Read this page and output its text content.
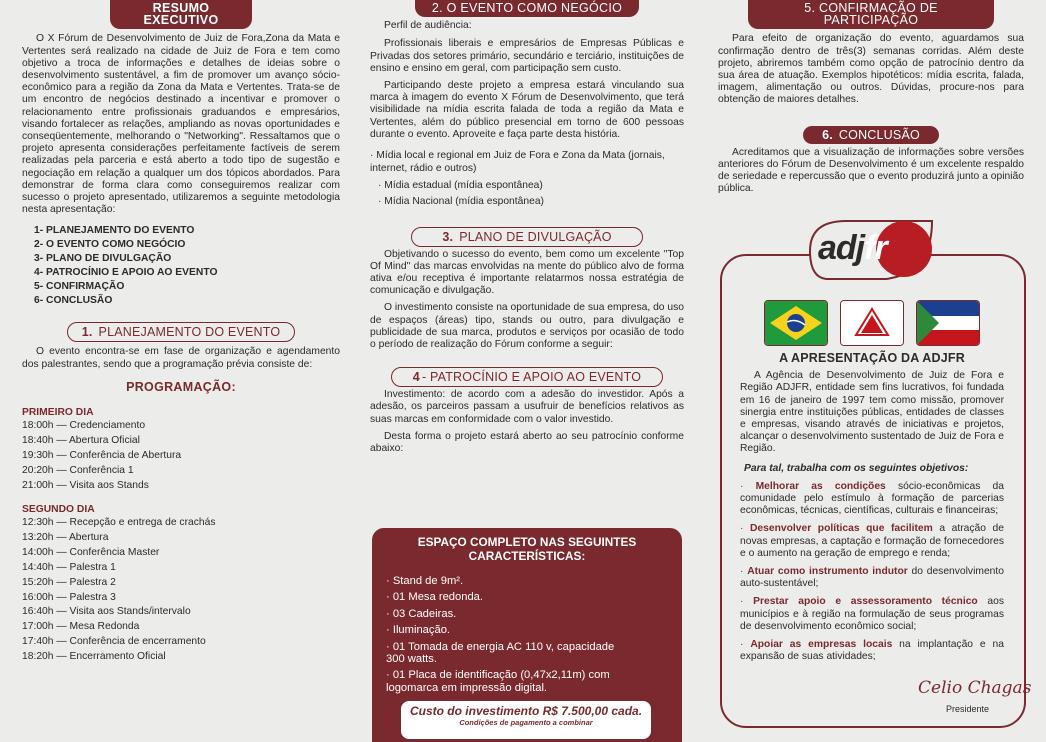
RESUMO EXECUTIVO

O X Fórum de Desenvolvimento de Juiz de Fora,Zona da Mata e Vertentes será realizado na cidade de Juiz de Fora e tem como objetivo a troca de informações e detalhes de ideias sobre o desenvolvimento sustentável, a fim de promover um avanço sócio-econômico para a região da Zona da Mata e Vertentes. Trata-se de um encontro de negócios destinado a incentivar e promover o relacionamento entre profissionais graduandos e empresários, visando fortalecer as relações, ampliando as novas oportunidades e conseqüentemente, melhorando o "Networking". Ressaltamos que o projeto apresenta considerações perfeitamente factíveis de serem realizadas pela parceria e está aberto a todo tipo de sugestão e negociação em relação a qualquer um dos tópicos abordados. Para demonstrar de forma clara como conseguiremos realizar com sucesso o projeto apresentado, utilizaremos a seguinte metodologia nesta apresentação:

1- PLANEJAMENTO DO EVENTO
2- O EVENTO COMO NEGÓCIO
3- PLANO DE DIVULGAÇÃO
4- PATROCÍNIO E APOIO AO EVENTO
5- CONFIRMAÇÃO
6- CONCLUSÃO
1. PLANEJAMENTO DO EVENTO

O evento encontra-se em fase de organização e agendamento dos palestrantes, sendo que a programação prévia consiste de:

PROGRAMAÇÃO:
PRIMEIRO DIA
18:00h — Credenciamento
18:40h — Abertura Oficial
19:30h — Conferência de Abertura
20:20h — Conferência 1
21:00h — Visita aos Stands
SEGUNDO DIA
12:30h — Recepção e entrega de crachás
13:20h — Abertura
14:00h — Conferência Master
14:40h — Palestra 1
15:20h — Palestra 2
16:00h — Palestra 3
16:40h — Visita aos Stands/intervalo
17:00h — Mesa Redonda
17:40h — Conferência de encerramento
18:20h — Encerramento Oficial
2. O EVENTO COMO NEGÓCIO

Perfil de audiência:

Profissionais liberais e empresários de Empresas Públicas e Privadas dos setores primário, secundário e terciário, instituições de ensino e ensino em geral, com participação sem custo.

Participando deste projeto a empresa estará vinculando sua marca à imagem do evento X Fórum de Desenvolvimento, que terá visibilidade na mídia escrita falada de toda a região da Mata e Vertentes, além do público presencial em torno de 600 pessoas durante o evento. Aproveite e faça parte desta história.

· Mídia local e regional em Juiz de Fora e Zona da Mata (jornais, internet, rádio e outros)
· Mídia estadual (mídia espontânea)
· Mídia Nacional (mídia espontânea)
3. PLANO DE DIVULGAÇÃO

Objetivando o sucesso do evento, bem como um excelente "Top Of Mind" das marcas envolvidas na mente do público alvo de forma ativa e/ou receptiva é importante relatarmos nossa estratégia de comunicação e divulgação.

O investimento consiste na oportunidade de sua empresa, do uso de espaços (áreas) tipo, stands ou outro, para divulgação e publicidade de sua marca, produtos e serviços por ocasião de todo o período de realização do Fórum conforme a seguir:

4 - PATROCÍNIO E APOIO AO EVENTO

Investimento: de acordo com a adesão do investidor. Após a adesão, os parceiros passam a usufruir de benefícios relativos as suas marcas em conformidade com o valor investido.

Desta forma o projeto estará aberto ao seu patrocínio conforme abaixo:

ESPAÇO COMPLETO NAS SEGUINTES CARACTERÍSTICAS:
· Stand de 9m².
· 01 Mesa redonda.
· 03 Cadeiras.
· Iluminação.
· 01 Tomada de energia AC 110 v, capacidade 300 watts.
· 01 Placa de identificação (0,47x2,11m) com logomarca em impressão digital.
Custo do investimento R$ 7.500,00 cada.
Condições de pagamento a combinar
5. CONFIRMAÇÃO DE PARTICIPAÇÃO

Para efeito de organização do evento, aguardamos sua confirmação dentro de três(3) semanas corridas. Além deste projeto, abriremos também como opção de patrocínio dentro da sua área de atuação. Exemplos hipotéticos: mídia escrita, falada, imagem, alimentação ou outros. Dúvidas, procure-nos para obtenção de maiores detalhes.

6. CONCLUSÃO

Acreditamos que a visualização de informações sobre versões anteriores do Fórum de Desenvolvimento é um excelente respaldo de seriedade e repercussão que o evento produzirá junto a opinião pública.

adjfr
A APRESENTAÇÃO DA ADJFR

A Agência de Desenvolvimento de Juiz de Fora e Região ADJFR, entidade sem fins lucrativos, foi fundada em 16 de janeiro de 1997 tem como missão, promover sinergia entre instituições públicas, entidades de classes e empresas, visando através de iniciativas e projetos, alcançar o desenvolvimento sustentado de Juiz de Fora e Região.

Para tal, trabalha com os seguintes objetivos:

· Melhorar as condições sócio-econômicas da comunidade pelo estímulo à formação de parcerias econômicas, técnicas, científicas, culturais e financeiras;
· Desenvolver políticas que facilitem a atração de novas empresas, a captação e formação de fornecedores e o aumento na geração de emprego e renda;
· Atuar como instrumento indutor do desenvolvimento auto-sustentável;
· Prestar apoio e assessoramento técnico aos municípios e à região na formulação de seus programas de desenvolvimento econômico social;
· Apoiar as empresas locais na implantação e na expansão de suas atividades;
Celio Chagas
Presidente
